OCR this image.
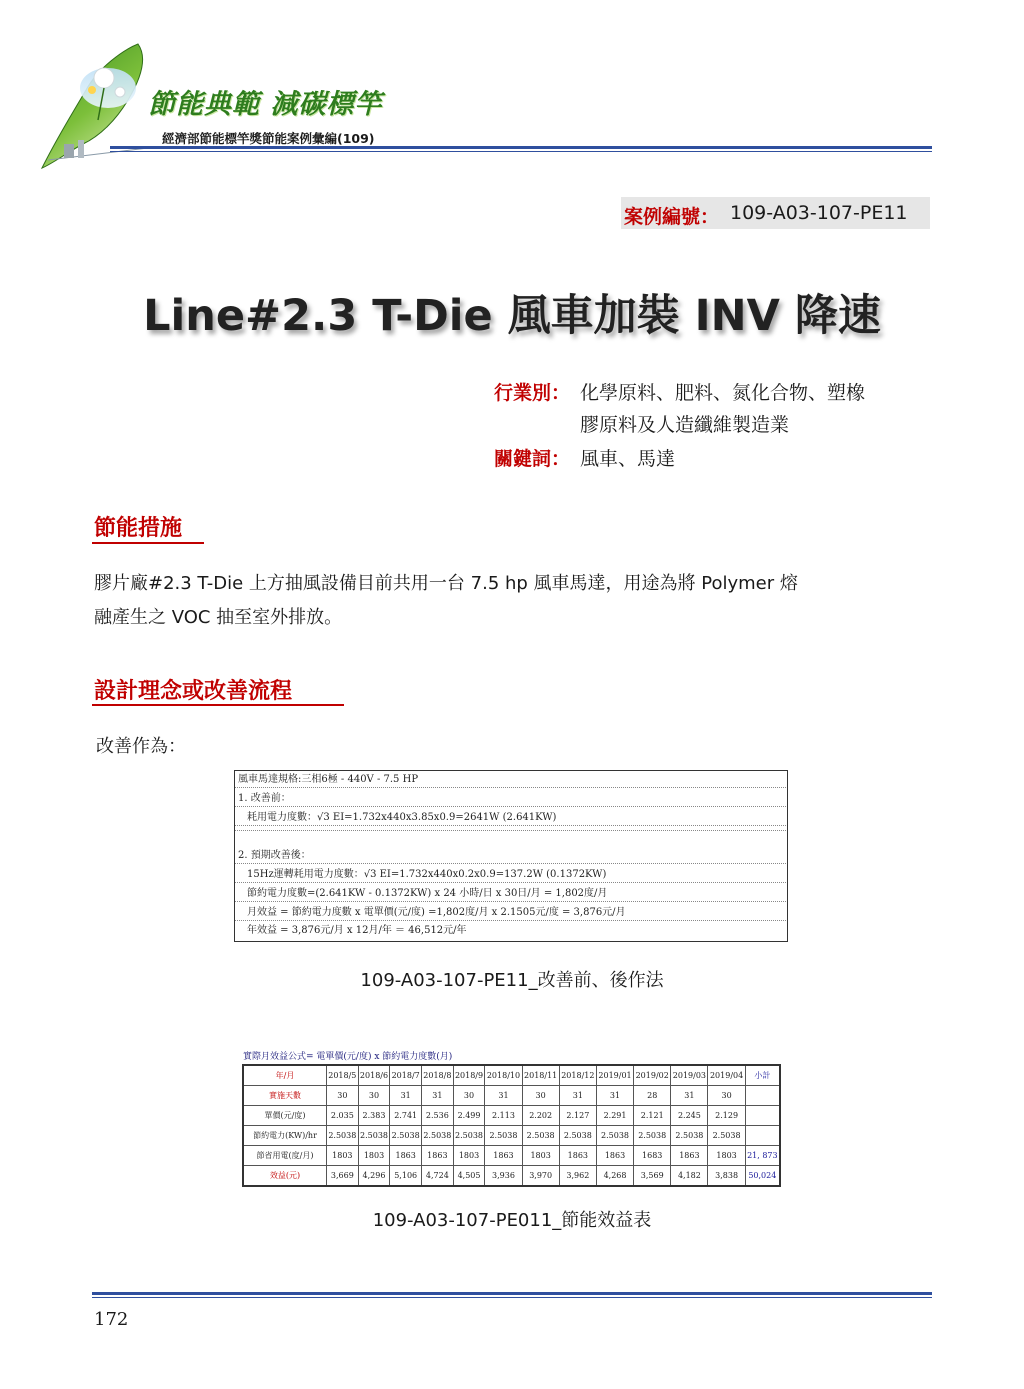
節能典範 減碳標竿
經濟部節能標竿獎節能案例彙編(109)
案例編號： 109-A03-107-PE11
Line#2.3 T-Die 風車加裝 INV 降速
行業別： 化學原料、肥料、氮化合物、塑橡
膠原料及人造纖維製造業
關鍵詞： 風車、馬達
節能措施
膠片廠#2.3 T-Die 上方抽風設備目前共用一台 7.5 hp 風車馬達，用途為將 Polymer 熔
融產生之 VOC 抽至室外排放。
設計理念或改善流程
改善作為：
風車馬達規格:三相6極 - 440V - 7.5 HP
1. 改善前：
耗用電力度數：√3 EI=1.732x440x3.85x0.9=2641W (2.641KW)
2. 預期改善後：
15Hz運轉耗用電力度數：√3 EI=1.732x440x0.2x0.9=137.2W (0.1372KW)
節約電力度數=(2.641KW - 0.1372KW) x 24 小時/日 x 30日/月 = 1,802度/月
月效益 = 節約電力度數 x 電單價(元/度) =1,802度/月 x 2.1505元/度 = 3,876元/月
年效益 = 3,876元/月 x 12月/年 ＝ 46,512元/年
109-A03-107-PE11_改善前、後作法
實際月效益公式= 電單價(元/度) x 節約電力度數(月)
年/月	2018/5	2018/6	2018/7	2018/8	2018/9	2018/10	2018/11	2018/12	2019/01	2019/02	2019/03	2019/04	小計
實施天數	30	30	31	31	30	31	30	31	31	28	31	30	
單價(元/度)	2.035	2.383	2.741	2.536	2.499	2.113	2.202	2.127	2.291	2.121	2.245	2.129	
節約電力(KW)/hr	2.5038	2.5038	2.5038	2.5038	2.5038	2.5038	2.5038	2.5038	2.5038	2.5038	2.5038	2.5038	
節省用電(度/月)	1803	1803	1863	1863	1803	1863	1803	1863	1863	1683	1863	1803	21, 873
效益(元)	3,669	4,296	5,106	4,724	4,505	3,936	3,970	3,962	4,268	3,569	4,182	3,838	50,024
109-A03-107-PE011_節能效益表
172
